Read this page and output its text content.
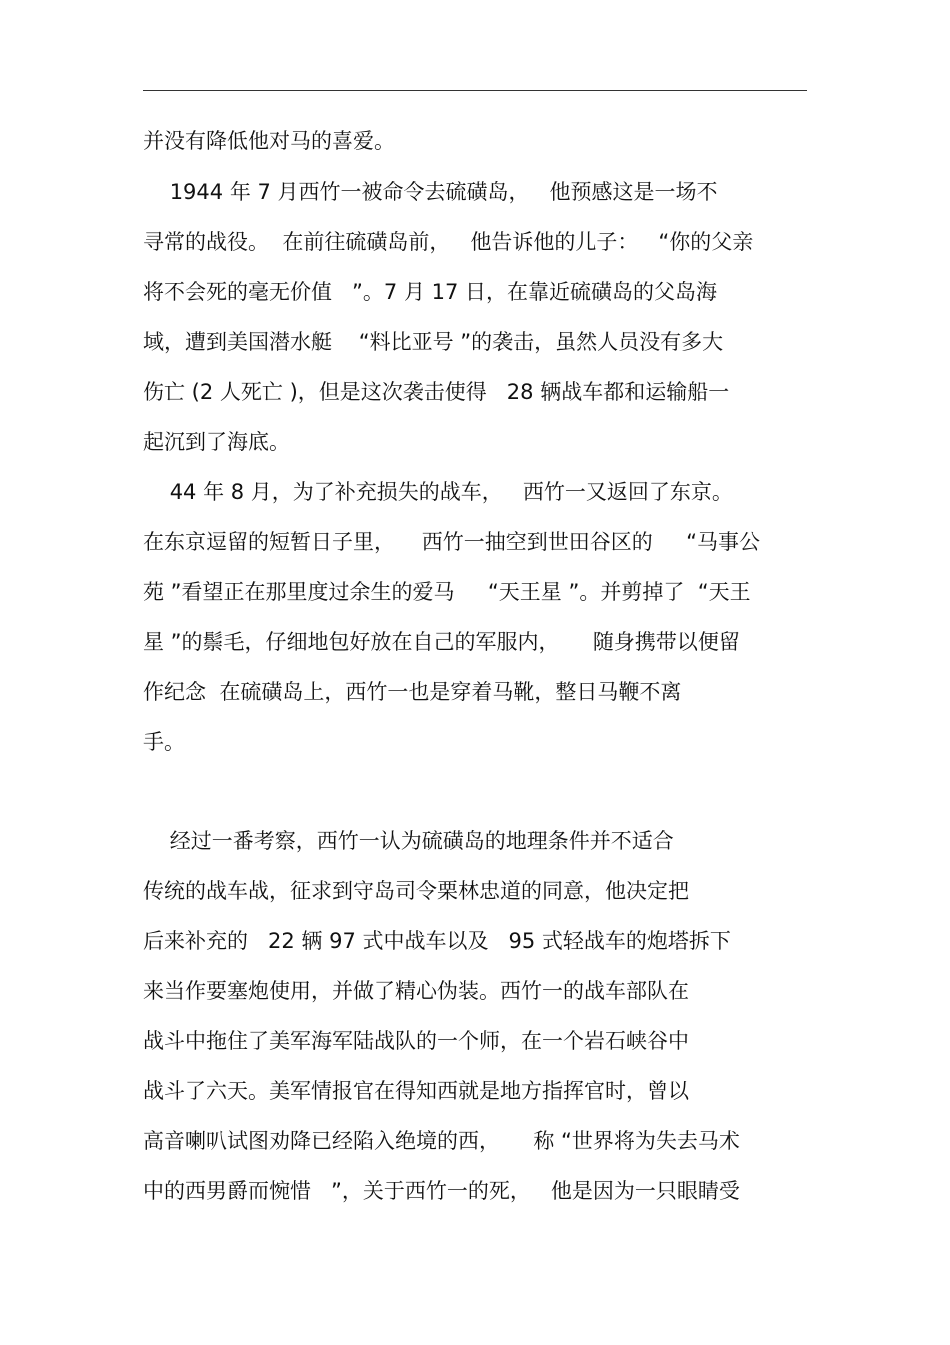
并没有降低他对马的喜爱。
1944 年 7 月西竹一被命令去硫磺岛，   他预感这是一场不
寻常的战役。  在前往硫磺岛前，   他告诉他的儿子：   “你的父亲
将不会死的毫无价值   ”。7 月 17 日，在靠近硫磺岛的父岛海
域，遭到美国潜水艇    “料比亚号 ”的袭击，虽然人员没有多大
伤亡 (2 人死亡 )，但是这次袭击使得   28 辆战车都和运输船一
起沉到了海底。
44 年 8 月，为了补充损失的战车，   西竹一又返回了东京。
在东京逗留的短暂日子里，    西竹一抽空到世田谷区的     “马事公
苑 ”看望正在那里度过余生的爱马     “天王星 ”。并剪掉了  “天王
星 ”的鬃毛，仔细地包好放在自己的军服内，     随身携带以便留
作纪念  在硫磺岛上，西竹一也是穿着马靴，整日马鞭不离
手。
经过一番考察，西竹一认为硫磺岛的地理条件并不适合
传统的战车战，征求到守岛司令栗林忠道的同意，他决定把
后来补充的   22 辆 97 式中战车以及   95 式轻战车的炮塔拆下
来当作要塞炮使用，并做了精心伪装。西竹一的战车部队在
战斗中拖住了美军海军陆战队的一个师，在一个岩石峡谷中
战斗了六天。美军情报官在得知西就是地方指挥官时，曾以
高音喇叭试图劝降已经陷入绝境的西，     称 “世界将为失去马术
中的西男爵而惋惜   ”，关于西竹一的死，   他是因为一只眼睛受
